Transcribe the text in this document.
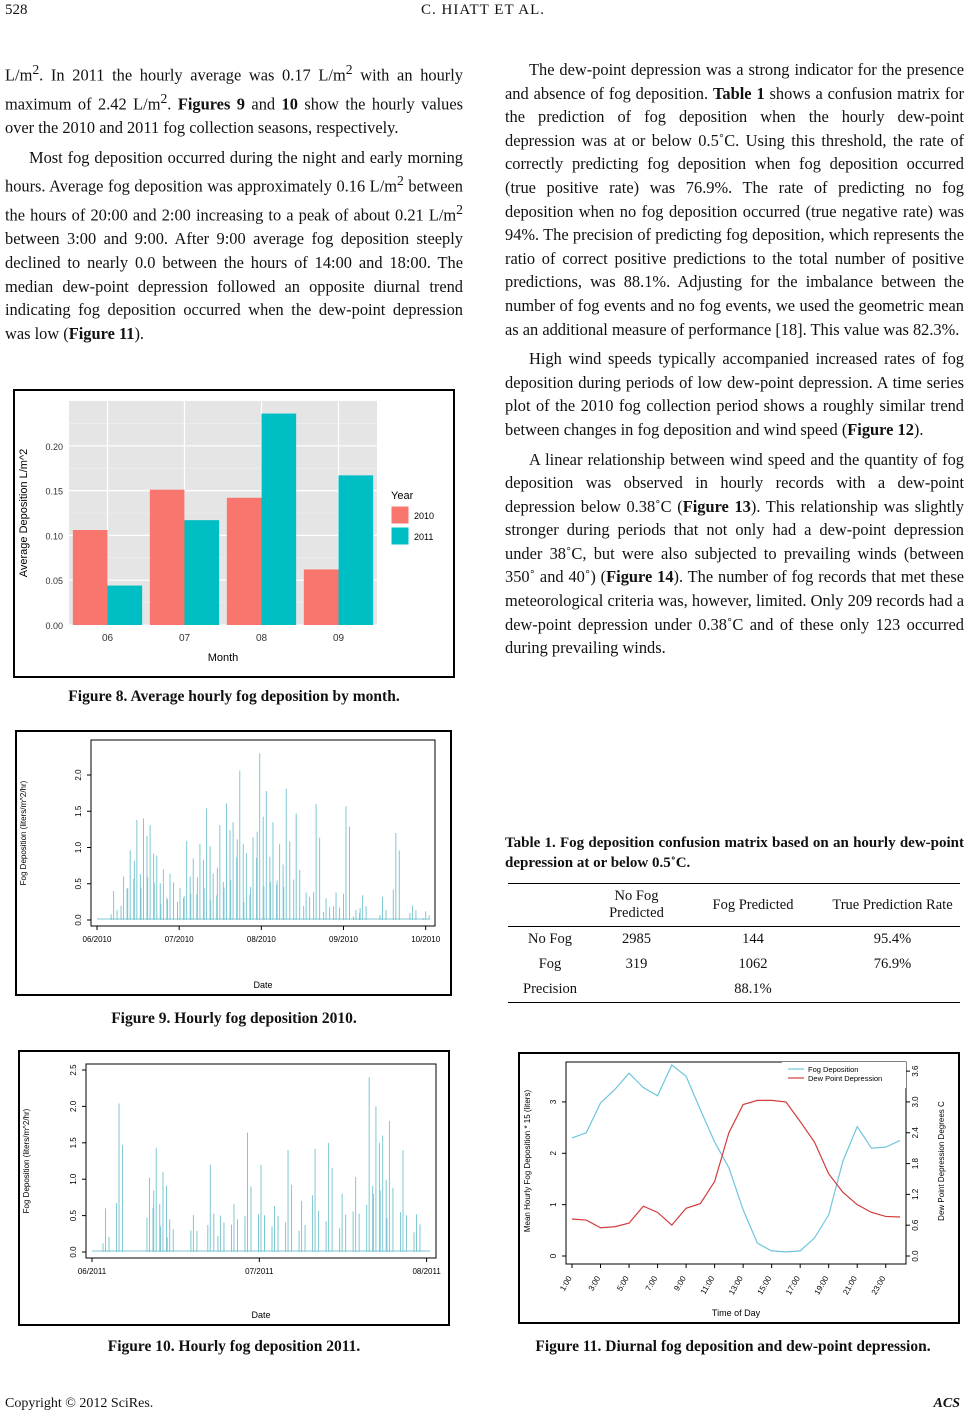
528	C. HIATT ET AL.

$L/m^2$. In 2011 the hourly average was 0.17 $L/m^2$ with an hourly maximum of 2.42 $L/m^2$. Figures 9 and 10 show the hourly values over the 2010 and 2011 fog collection seasons, respectively.

Most fog deposition occurred during the night and early morning hours. Average fog deposition was approximately 0.16 $L/m^2$ between the hours of 20:00 and 2:00 increasing to a peak of about 0.21 $L/m^2$ between 3:00 and 9:00. After 9:00 average fog deposition steeply declined to nearly 0.0 between the hours of 14:00 and 18:00. The median dew-point depression followed an opposite diurnal trend indicating fog deposition occurred when the dew-point depression was low (Figure 11).

0.00
0.05
0.10
0.15
0.20
06	07	08	09
Month
Average Deposition L/m^2	Year
2010
2011
Figure 8. Average hourly fog deposition by month.
0.0
0.5
1.0
1.5
2.0
06/2010	07/2010	08/2010	09/2010	10/2010
Date
Fog Deposition (liters/m^2/hr)
Figure 9. Hourly fog deposition 2010.
0.0
0.5
1.0
1.5
2.0
2.5
06/2011	07/2011	08/2011
Date
Fog Deposition (liters/m^2/hr)
Figure 10. Hourly fog deposition 2011.

The dew-point depression was a strong indicator for the presence and absence of fog deposition. Table 1 shows a confusion matrix for the prediction of fog deposition when the hourly dew-point depression was at or below 0.5˚C. Using this threshold, the rate of correctly predicting fog deposition when fog deposition occurred (true positive rate) was 76.9%. The rate of predicting no fog deposition when no fog deposition occurred (true negative rate) was 94%. The precision of predicting fog deposition, which represents the ratio of correct positive predictions to the total number of positive predictions, was 88.1%. Adjusting for the imbalance between the number of fog events and no fog events, we used the geometric mean as an additional measure of performance [18]. This value was 82.3%.

High wind speeds typically accompanied increased rates of fog deposition during periods of low dew-point depression. A time series plot of the 2010 fog collection period shows a roughly similar trend between changes in fog deposition and wind speed (Figure 12).

A linear relationship between wind speed and the quantity of fog deposition was observed in hourly records with a dew-point depression below 0.38˚C (Figure 13). This relationship was slightly stronger during periods that not only had a dew-point depression under 38˚C, but were also subjected to prevailing winds (between 350˚ and 40˚) (Figure 14). The number of fog records that met these meteorological criteria was, however, limited. Only 209 records had a dew-point depression under 0.38˚C and of these only 123 occurred during prevailing winds.

Table 1. Fog deposition confusion matrix based on an hourly dew-point depression at or below 0.5˚C.
	No Fog Predicted	Fog Predicted	True Prediction Rate
No Fog	2985	144	95.4%
Fog	319	1062	76.9%
Precision		88.1%	
0
1
2
3
0.0
0.6
1.2
1.8
2.4
3.0
3.6
1:00 3:00 5:00 7:00 9:00 11:00 13:00 15:00 17:00 19:00 21:00 23:00
Fog Deposition
Dew Point Depression
Time of Day
Mean Hourly Fog Deposition * 15 (liters)	Dew Point Depression Degrees C
Figure 11. Diurnal fog deposition and dew-point depression.
Copyright © 2012 SciRes.	ACS
